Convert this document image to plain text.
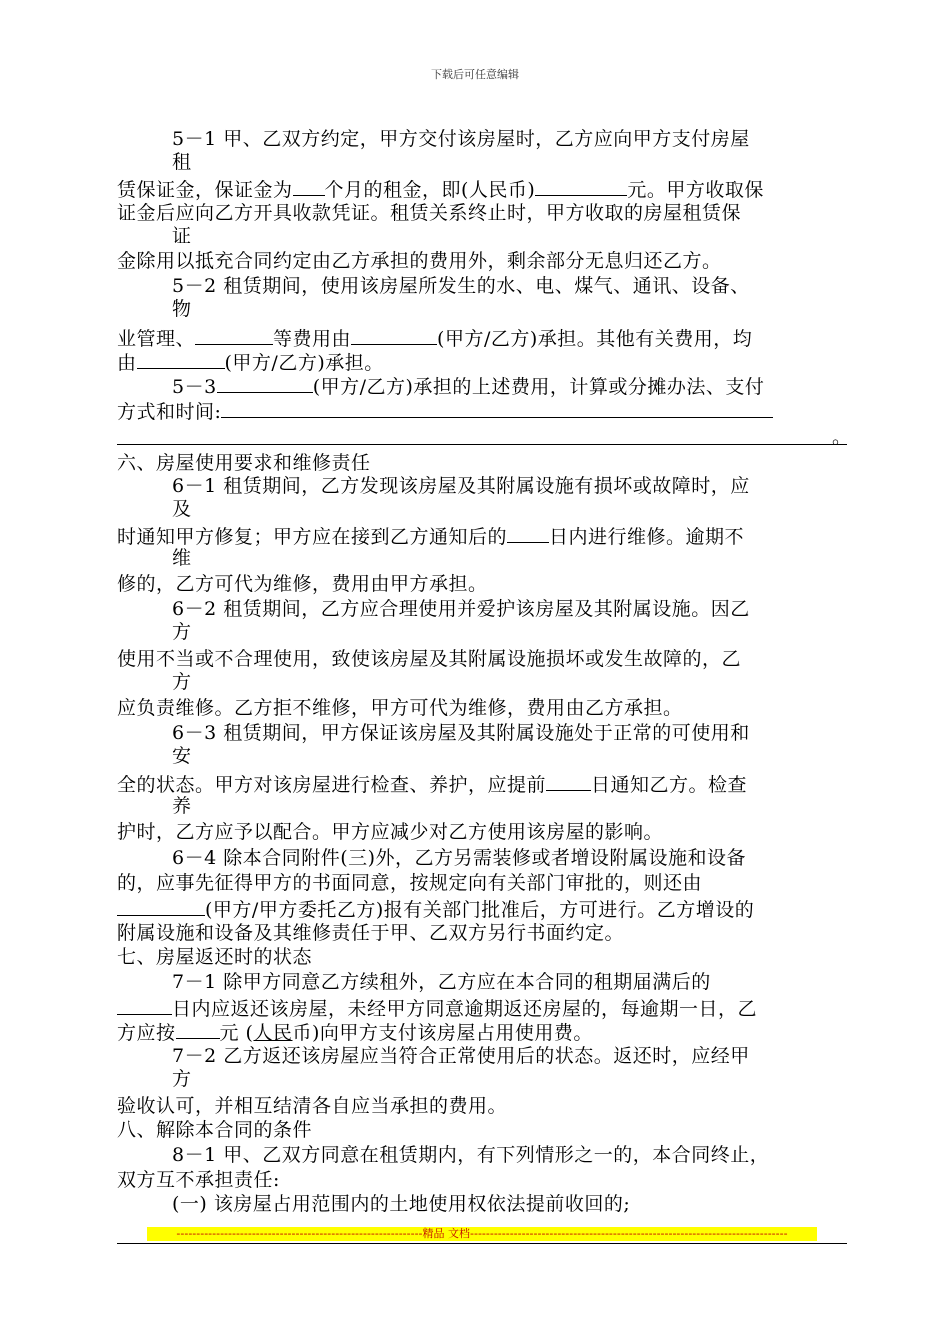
下载后可任意编辑
5－1 甲、乙双方约定，甲方交付该房屋时，乙方应向甲方支付房屋
租
赁保证金，保证金为 个月的租金，即(人民币)	元。甲方收取保
证金后应向乙方开具收款凭证。租赁关系终止时，甲方收取的房屋租赁保
证
金除用以抵充合同约定由乙方承担的费用外，剩余部分无息归还乙方。
5－2 租赁期间，使用该房屋所发生的水、电、煤气、通讯、设备、
物
业管理、	等费用由	(甲方/乙方)承担。其他有关费用，均
由	(甲方/乙方)承担。
5－3	(甲方/乙方)承担的上述费用，计算或分摊办法、支付
方式和时间:
。
六、房屋使用要求和维修责任
6－1 租赁期间，乙方发现该房屋及其附属设施有损坏或故障时，应
及
时通知甲方修复；甲方应在接到乙方通知后的 日内进行维修。逾期不
维
修的，乙方可代为维修，费用由甲方承担。
6－2 租赁期间，乙方应合理使用并爱护该房屋及其附属设施。因乙
方
使用不当或不合理使用，致使该房屋及其附属设施损坏或发生故障的，乙
方
应负责维修。乙方拒不维修，甲方可代为维修，费用由乙方承担。
6－3 租赁期间，甲方保证该房屋及其附属设施处于正常的可使用和
安
全的状态。甲方对该房屋进行检查、养护，应提前 日通知乙方。检查
养
护时，乙方应予以配合。甲方应减少对乙方使用该房屋的影响。
6－4 除本合同附件(三)外，乙方另需装修或者增设附属设施和设备
的，应事先征得甲方的书面同意，按规定向有关部门审批的，则还由
(甲方/甲方委托乙方)报有关部门批准后，方可进行。乙方增设的
附属设施和设备及其维修责任于甲、乙双方另行书面约定。
七、房屋返还时的状态
7－1 除甲方同意乙方续租外，乙方应在本合同的租期届满后的
日内应返还该房屋，未经甲方同意逾期返还房屋的，每逾期一日，乙
方应按 元 (人民币)向甲方支付该房屋占用使用费。
7－2 乙方返还该房屋应当符合正常使用后的状态。返还时，应经甲
方
验收认可，并相互结清各自应当承担的费用。
八、解除本合同的条件
8－1 甲、乙双方同意在租赁期内，有下列情形之一的，本合同终止，
双方互不承担责任:
(一) 该房屋占用范围内的土地使用权依法提前收回的;
--------------------------------------------------------------精品 文档--------------------------------------------------------------------------------
